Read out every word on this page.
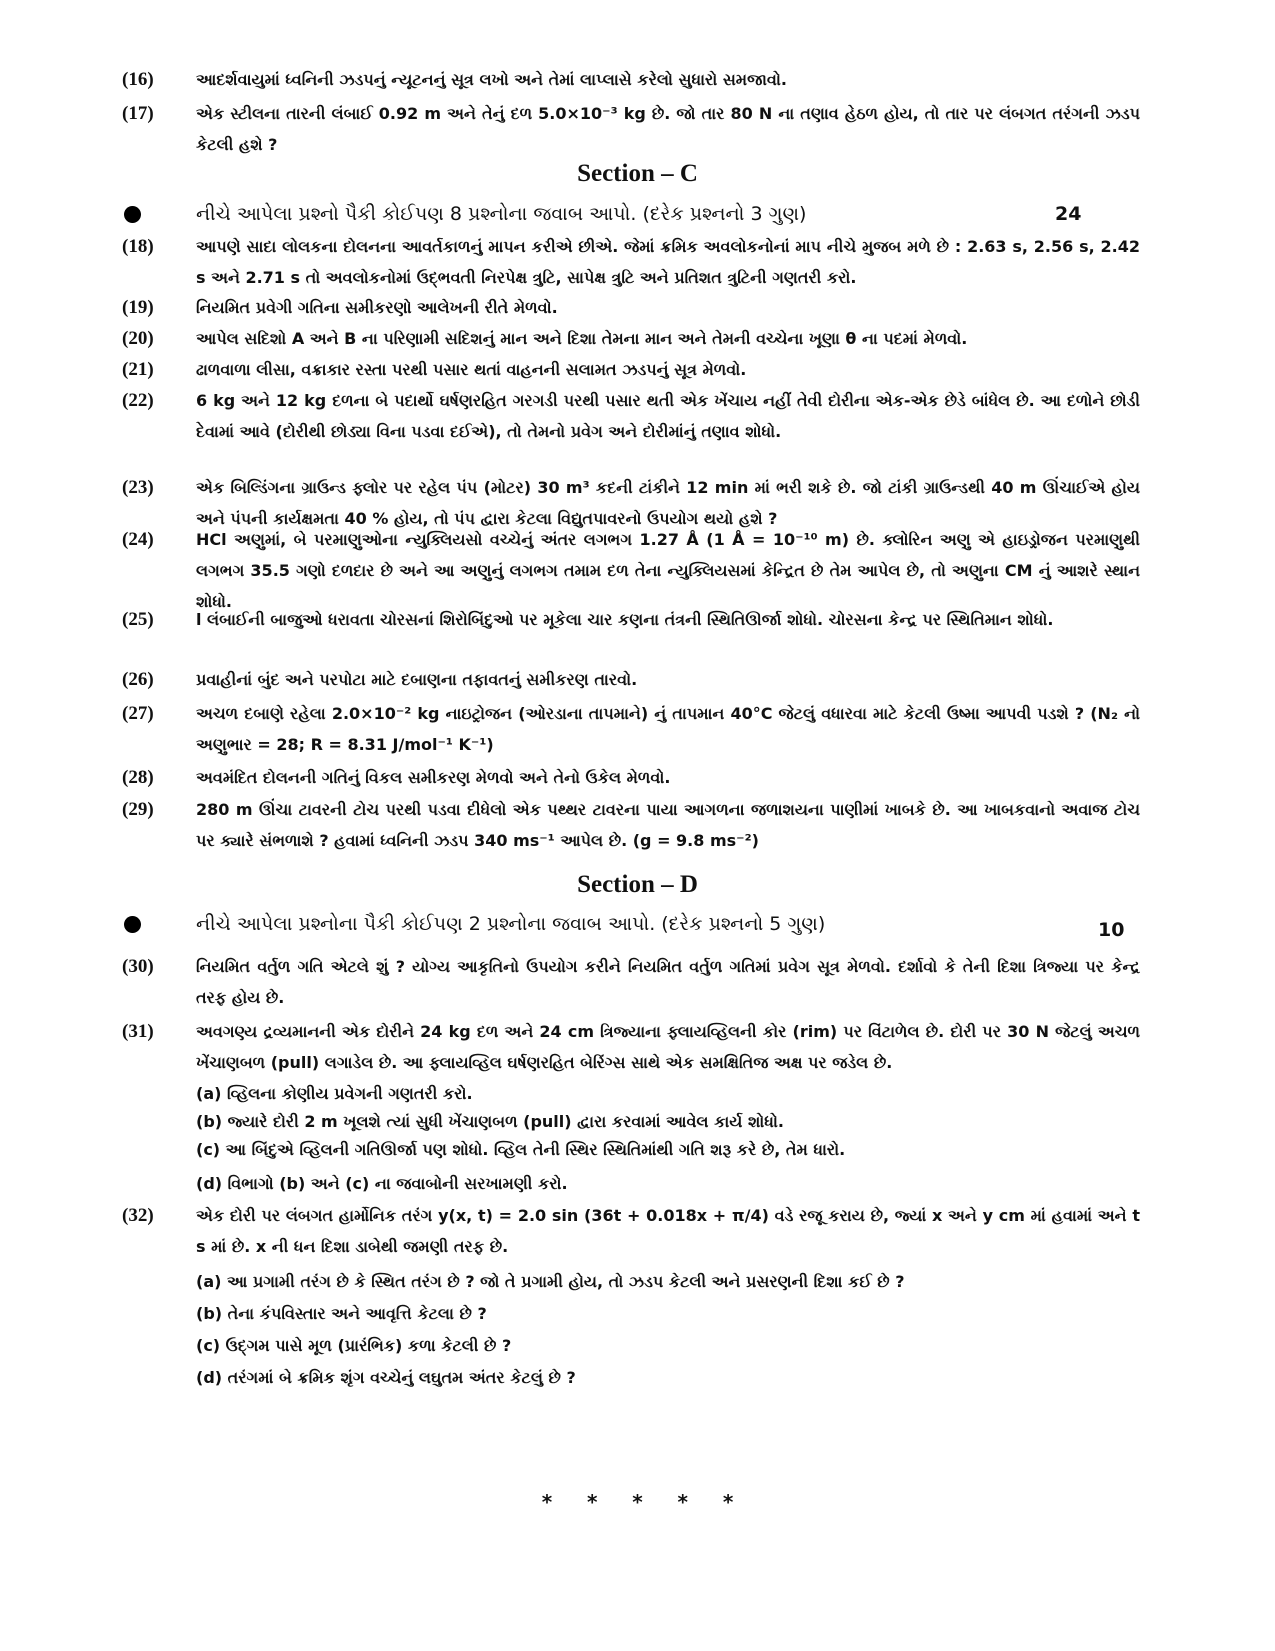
(16)	આદર્શવાયુમાં ધ્વનિની ઝડપનું ન્યૂટનનું સૂત્ર લખો અને તેમાં લાપ્લાસે કરેલો સુધારો સમજાવો.
(17)	એક સ્ટીલના તારની લંબાઈ 0.92 m અને તેનું દળ 5.0×10⁻³ kg છે. જો તાર 80 N ના તણાવ હેઠળ હોય, તો તાર પર લંબગત તરંગની ઝડપ કેટલી હશે ?
Section – C
નીચે આપેલા પ્રશ્નો પૈકી કોઈપણ 8 પ્રશ્નોના જવાબ આપો. (દરેક પ્રશ્નનો 3 ગુણ)	24
(18)	આપણે સાદા લોલકના દોલનના આવર્તકાળનું માપન કરીએ છીએ. જેમાં ક્રમિક અવલોકનોનાં માપ નીચે મુજબ મળે છે : 2.63 s, 2.56 s, 2.42 s અને 2.71 s તો અવલોકનોમાં ઉદ્‌ભવતી નિરપેક્ષ ત્રુટિ, સાપેક્ષ ત્રુટિ અને પ્રતિશત ત્રુટિની ગણતરી કરો.
(19)	નિયમિત પ્રવેગી ગતિના સમીકરણો આલેખની રીતે મેળવો.
(20)	આપેલ સદિશો A અને B ના પરિણામી સદિશનું માન અને દિશા તેમના માન અને તેમની વચ્ચેના ખૂણા θ ના પદમાં મેળવો.
(21)	ઢાળવાળા લીસા, વક્રાકાર રસ્તા પરથી પસાર થતાં વાહનની સલામત ઝડપનું સૂત્ર મેળવો.
(22)	6 kg અને 12 kg દળના બે પદાર્થો ઘર્ષણરહિત ગરગડી પરથી પસાર થતી એક ખેંચાય નહીં તેવી દોરીના એક-એક છેડે બાંધેલ છે. આ દળોને છોડી દેવામાં આવે (દોરીથી છોડ્યા વિના પડવા દઈએ), તો તેમનો પ્રવેગ અને દોરીમાંનું તણાવ શોધો.
(23)	એક બિલ્ડિંગના ગ્રાઉન્ડ ફ્લોર પર રહેલ પંપ (મોટર) 30 m³ કદની ટાંકીને 12 min માં ભરી શકે છે. જો ટાંકી ગ્રાઉન્ડથી 40 m ઊંચાઈએ હોય અને પંપની કાર્યક્ષમતા 40 % હોય, તો પંપ દ્વારા કેટલા વિદ્યુતપાવરનો ઉપયોગ થયો હશે ?
(24)	HCl અણુમાં, બે પરમાણુઓના ન્યુક્લિયસો વચ્ચેનું અંતર લગભગ 1.27 Å (1 Å = 10⁻¹⁰ m) છે. ક્લોરિન અણુ એ હાઇડ્રોજન પરમાણુથી લગભગ 35.5 ગણો દળદાર છે અને આ અણુનું લગભગ તમામ દળ તેના ન્યુક્લિયસમાં કેન્દ્રિત છે તેમ આપેલ છે, તો અણુના CM નું આશરે સ્થાન શોધો.
(25)	l લંબાઈની બાજુઓ ધરાવતા ચોરસનાં શિરોબિંદુઓ પર મૂકેલા ચાર કણના તંત્રની સ્થિતિઊર્જા શોધો. ચોરસના કેન્દ્ર પર સ્થિતિમાન શોધો.
(26)	પ્રવાહીનાં બુંદ અને પરપોટા માટે દબાણના તફાવતનું સમીકરણ તારવો.
(27)	અચળ દબાણે રહેલા 2.0×10⁻² kg નાઇટ્રોજન (ઓરડાના તાપમાને) નું તાપમાન 40°C જેટલું વધારવા માટે કેટલી ઉષ્મા આપવી પડશે ? (N₂ નો અણુભાર = 28; R = 8.31 J/mol⁻¹ K⁻¹)
(28)	અવમંદિત દોલનની ગતિનું વિકલ સમીકરણ મેળવો અને તેનો ઉકેલ મેળવો.
(29)	280 m ઊંચા ટાવરની ટોચ પરથી પડવા દીધેલો એક પથ્થર ટાવરના પાયા આગળના જળાશયના પાણીમાં ખાબકે છે. આ ખાબકવાનો અવાજ ટોચ પર ક્યારે સંભળાશે ? હવામાં ધ્વનિની ઝડપ 340 ms⁻¹ આપેલ છે. (g = 9.8 ms⁻²)
Section – D
નીચે આપેલા પ્રશ્નોના પૈકી કોઈપણ 2 પ્રશ્નોના જવાબ આપો. (દરેક પ્રશ્નનો 5 ગુણ)	10
(30)	નિયમિત વર્તુળ ગતિ એટલે શું ? યોગ્ય આકૃતિનો ઉપયોગ કરીને નિયમિત વર્તુળ ગતિમાં પ્રવેગ સૂત્ર મેળવો. દર્શાવો કે તેની દિશા ત્રિજ્યા પર કેન્દ્ર તરફ હોય છે.
(31)	અવગણ્ય દ્રવ્યમાનની એક દોરીને 24 kg દળ અને 24 cm ત્રિજ્યાના ફ્લાયવ્હિલની કોર (rim) પર વિંટાળેલ છે. દોરી પર 30 N જેટલું અચળ ખેંચાણબળ (pull) લગાડેલ છે. આ ફ્લાયવ્હિલ ઘર્ષણરહિત બેરિંગ્સ સાથે એક સમક્ષિતિજ અક્ષ પર જડેલ છે.
(a) વ્હિલના કોણીય પ્રવેગની ગણતરી કરો.
(b) જ્યારે દોરી 2 m ખૂલશે ત્યાં સુધી ખેંચાણબળ (pull) દ્વારા કરવામાં આવેલ કાર્ય શોધો.
(c) આ બિંદુએ વ્હિલની ગતિઊર્જા પણ શોધો. વ્હિલ તેની સ્થિર સ્થિતિમાંથી ગતિ શરૂ કરે છે, તેમ ધારો.
(d) વિભાગો (b) અને (c) ના જવાબોની સરખામણી કરો.
(32)	એક દોરી પર લંબગત હાર્મોનિક તરંગ y(x, t) = 2.0 sin (36t + 0.018x + π/4) વડે રજૂ કરાય છે, જ્યાં x અને y cm માં હવામાં અને t s માં છે. x ની ધન દિશા ડાબેથી જમણી તરફ છે.
(a) આ પ્રગામી તરંગ છે કે સ્થિત તરંગ છે ? જો તે પ્રગામી હોય, તો ઝડપ કેટલી અને પ્રસરણની દિશા કઈ છે ?
(b) તેના કંપવિસ્તાર અને આવૃત્તિ કેટલા છે ?
(c) ઉદ્‌ગમ પાસે મૂળ (પ્રારંભિક) કળા કેટલી છે ?
(d) તરંગમાં બે ક્રમિક શૃંગ વચ્ચેનું લઘુતમ અંતર કેટલું છે ?
*     *     *     *     *
